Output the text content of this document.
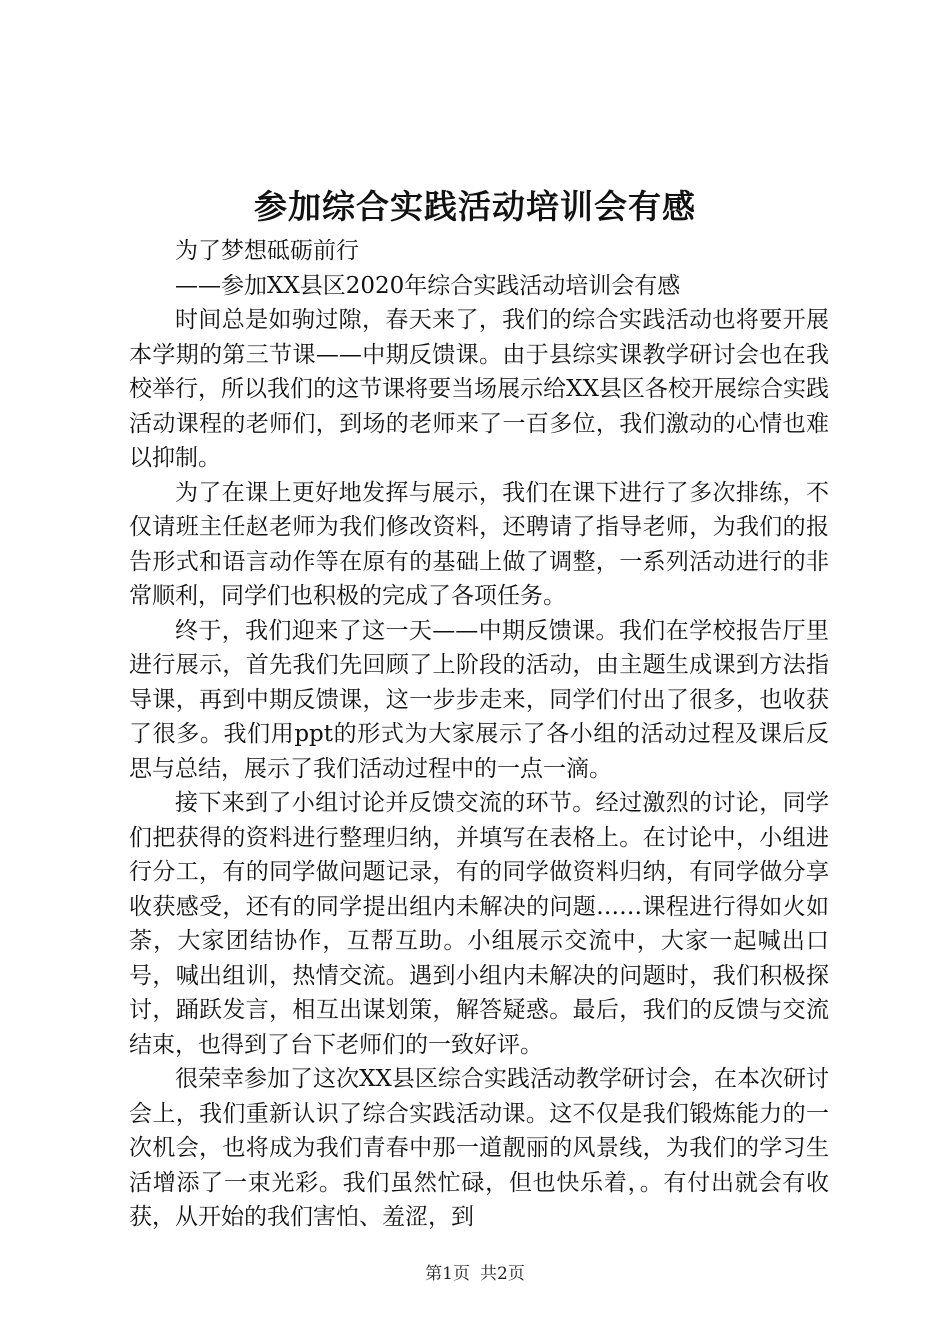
参加综合实践活动培训会有感

为了梦想砥砺前行

——参加XX县区2020年综合实践活动培训会有感

时间总是如驹过隙，春天来了，我们的综合实践活动也将要开展本学期的第三节课——中期反馈课。由于县综实课教学研讨会也在我校举行，所以我们的这节课将要当场展示给XX县区各校开展综合实践活动课程的老师们，到场的老师来了一百多位，我们激动的心情也难以抑制。

为了在课上更好地发挥与展示，我们在课下进行了多次排练，不仅请班主任赵老师为我们修改资料，还聘请了指导老师，为我们的报告形式和语言动作等在原有的基础上做了调整，一系列活动进行的非常顺利，同学们也积极的完成了各项任务。

终于，我们迎来了这一天——中期反馈课。我们在学校报告厅里进行展示，首先我们先回顾了上阶段的活动，由主题生成课到方法指导课，再到中期反馈课，这一步步走来，同学们付出了很多，也收获了很多。我们用ppt的形式为大家展示了各小组的活动过程及课后反思与总结，展示了我们活动过程中的一点一滴。

接下来到了小组讨论并反馈交流的环节。经过激烈的讨论，同学们把获得的资料进行整理归纳，并填写在表格上。在讨论中，小组进行分工，有的同学做问题记录，有的同学做资料归纳，有同学做分享收获感受，还有的同学提出组内未解决的问题……课程进行得如火如荼，大家团结协作，互帮互助。小组展示交流中，大家一起喊出口号，喊出组训，热情交流。遇到小组内未解决的问题时，我们积极探讨，踊跃发言，相互出谋划策，解答疑惑。最后，我们的反馈与交流结束，也得到了台下老师们的一致好评。

很荣幸参加了这次XX县区综合实践活动教学研讨会，在本次研讨会上，我们重新认识了综合实践活动课。这不仅是我们锻炼能力的一次机会，也将成为我们青春中那一道靓丽的风景线，为我们的学习生活增添了一束光彩。我们虽然忙碌，但也快乐着，。有付出就会有收获，从开始的我们害怕、羞涩，到

第1页 共2页
